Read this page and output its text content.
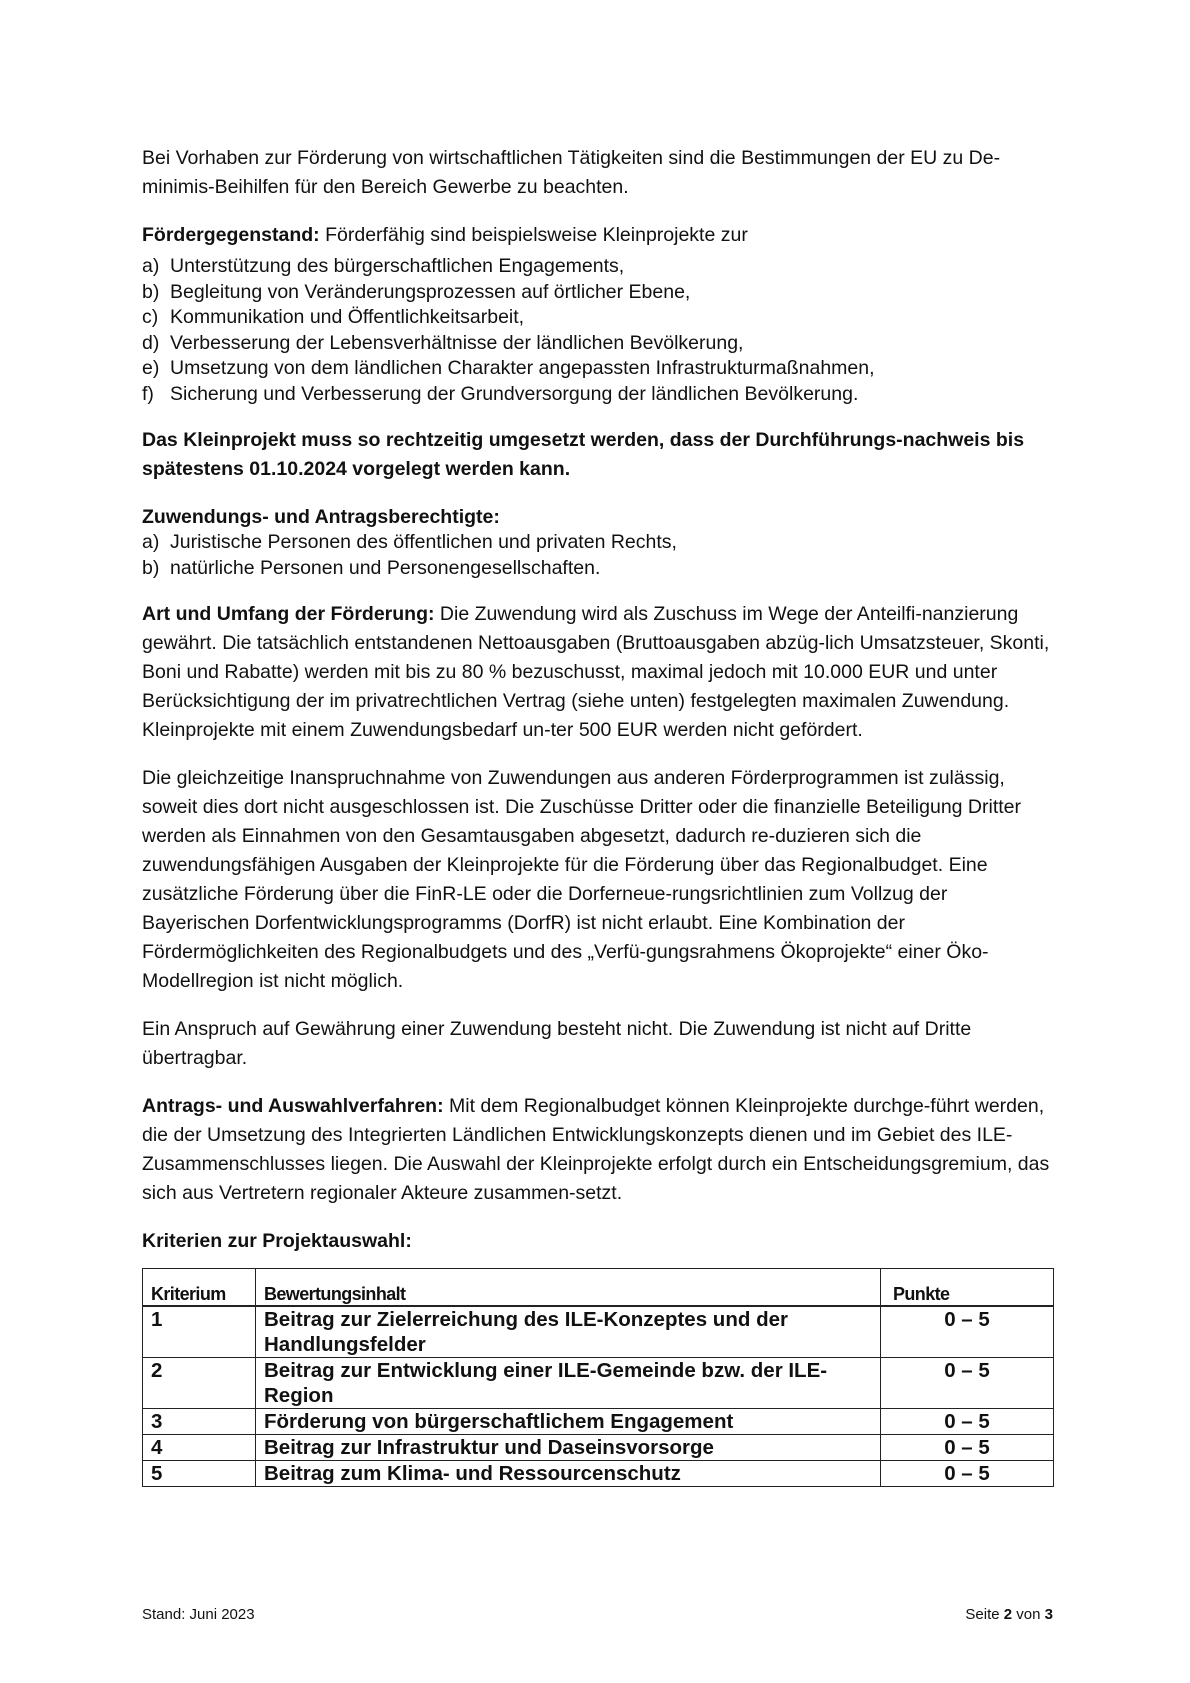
Bei Vorhaben zur Förderung von wirtschaftlichen Tätigkeiten sind die Bestimmungen der EU zu De-minimis-Beihilfen für den Bereich Gewerbe zu beachten.

Fördergegenstand: Förderfähig sind beispielsweise Kleinprojekte zur

a) Unterstützung des bürgerschaftlichen Engagements,
b) Begleitung von Veränderungsprozessen auf örtlicher Ebene,
c) Kommunikation und Öffentlichkeitsarbeit,
d) Verbesserung der Lebensverhältnisse der ländlichen Bevölkerung,
e) Umsetzung von dem ländlichen Charakter angepassten Infrastrukturmaßnahmen,
f) Sicherung und Verbesserung der Grundversorgung der ländlichen Bevölkerung.

Das Kleinprojekt muss so rechtzeitig umgesetzt werden, dass der Durchführungs-nachweis bis spätestens 01.10.2024 vorgelegt werden kann.

Zuwendungs- und Antragsberechtigte:
a) Juristische Personen des öffentlichen und privaten Rechts,
b) natürliche Personen und Personengesellschaften.

Art und Umfang der Förderung: Die Zuwendung wird als Zuschuss im Wege der Anteilfi-nanzierung gewährt. Die tatsächlich entstandenen Nettoausgaben (Bruttoausgaben abzüg-lich Umsatzsteuer, Skonti, Boni und Rabatte) werden mit bis zu 80 % bezuschusst, maximal jedoch mit 10.000 EUR und unter Berücksichtigung der im privatrechtlichen Vertrag (siehe unten) festgelegten maximalen Zuwendung. Kleinprojekte mit einem Zuwendungsbedarf un-ter 500 EUR werden nicht gefördert.

Die gleichzeitige Inanspruchnahme von Zuwendungen aus anderen Förderprogrammen ist zulässig, soweit dies dort nicht ausgeschlossen ist. Die Zuschüsse Dritter oder die finanzielle Beteiligung Dritter werden als Einnahmen von den Gesamtausgaben abgesetzt, dadurch re-duzieren sich die zuwendungsfähigen Ausgaben der Kleinprojekte für die Förderung über das Regionalbudget. Eine zusätzliche Förderung über die FinR-LE oder die Dorferneue-rungsrichtlinien zum Vollzug der Bayerischen Dorfentwicklungsprogramms (DorfR) ist nicht erlaubt. Eine Kombination der Fördermöglichkeiten des Regionalbudgets und des „Verfü-gungsrahmens Ökoprojekte“ einer Öko-Modellregion ist nicht möglich.

Ein Anspruch auf Gewährung einer Zuwendung besteht nicht. Die Zuwendung ist nicht auf Dritte übertragbar.

Antrags- und Auswahlverfahren: Mit dem Regionalbudget können Kleinprojekte durchge-führt werden, die der Umsetzung des Integrierten Ländlichen Entwicklungskonzepts dienen und im Gebiet des ILE-Zusammenschlusses liegen. Die Auswahl der Kleinprojekte erfolgt durch ein Entscheidungsgremium, das sich aus Vertretern regionaler Akteure zusammen-setzt.

Kriterien zur Projektauswahl:
Kriterium	Bewertungsinhalt	Punkte
1	Beitrag zur Zielerreichung des ILE-Konzeptes und der Handlungsfelder	0 – 5
2	Beitrag zur Entwicklung einer ILE-Gemeinde bzw. der ILE-Region	0 – 5
3	Förderung von bürgerschaftlichem Engagement	0 – 5
4	Beitrag zur Infrastruktur und Daseinsvorsorge	0 – 5
5	Beitrag zum Klima- und Ressourcenschutz	0 – 5
Stand: Juni 2023	Seite 2 von 3
